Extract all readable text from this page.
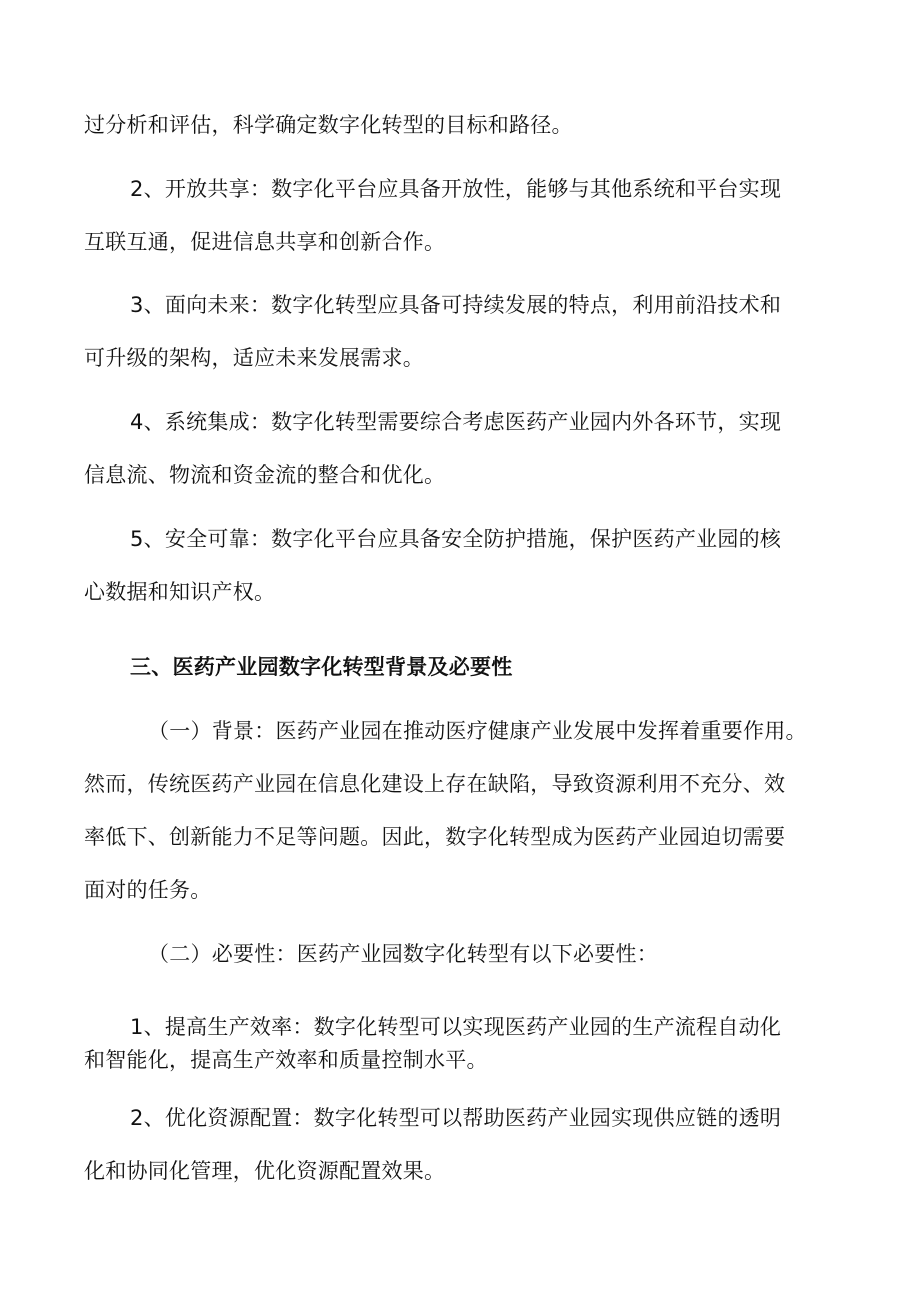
过分析和评估，科学确定数字化转型的目标和路径。
2、开放共享：数字化平台应具备开放性，能够与其他系统和平台实现
互联互通，促进信息共享和创新合作。
3、面向未来：数字化转型应具备可持续发展的特点，利用前沿技术和
可升级的架构，适应未来发展需求。
4、系统集成：数字化转型需要综合考虑医药产业园内外各环节，实现
信息流、物流和资金流的整合和优化。
5、安全可靠：数字化平台应具备安全防护措施，保护医药产业园的核
心数据和知识产权。
三、医药产业园数字化转型背景及必要性
（一）背景：医药产业园在推动医疗健康产业发展中发挥着重要作用。
然而，传统医药产业园在信息化建设上存在缺陷，导致资源利用不充分、效
率低下、创新能力不足等问题。因此，数字化转型成为医药产业园迫切需要
面对的任务。
（二）必要性：医药产业园数字化转型有以下必要性：
1、提高生产效率：数字化转型可以实现医药产业园的生产流程自动化
和智能化，提高生产效率和质量控制水平。
2、优化资源配置：数字化转型可以帮助医药产业园实现供应链的透明
化和协同化管理，优化资源配置效果。
